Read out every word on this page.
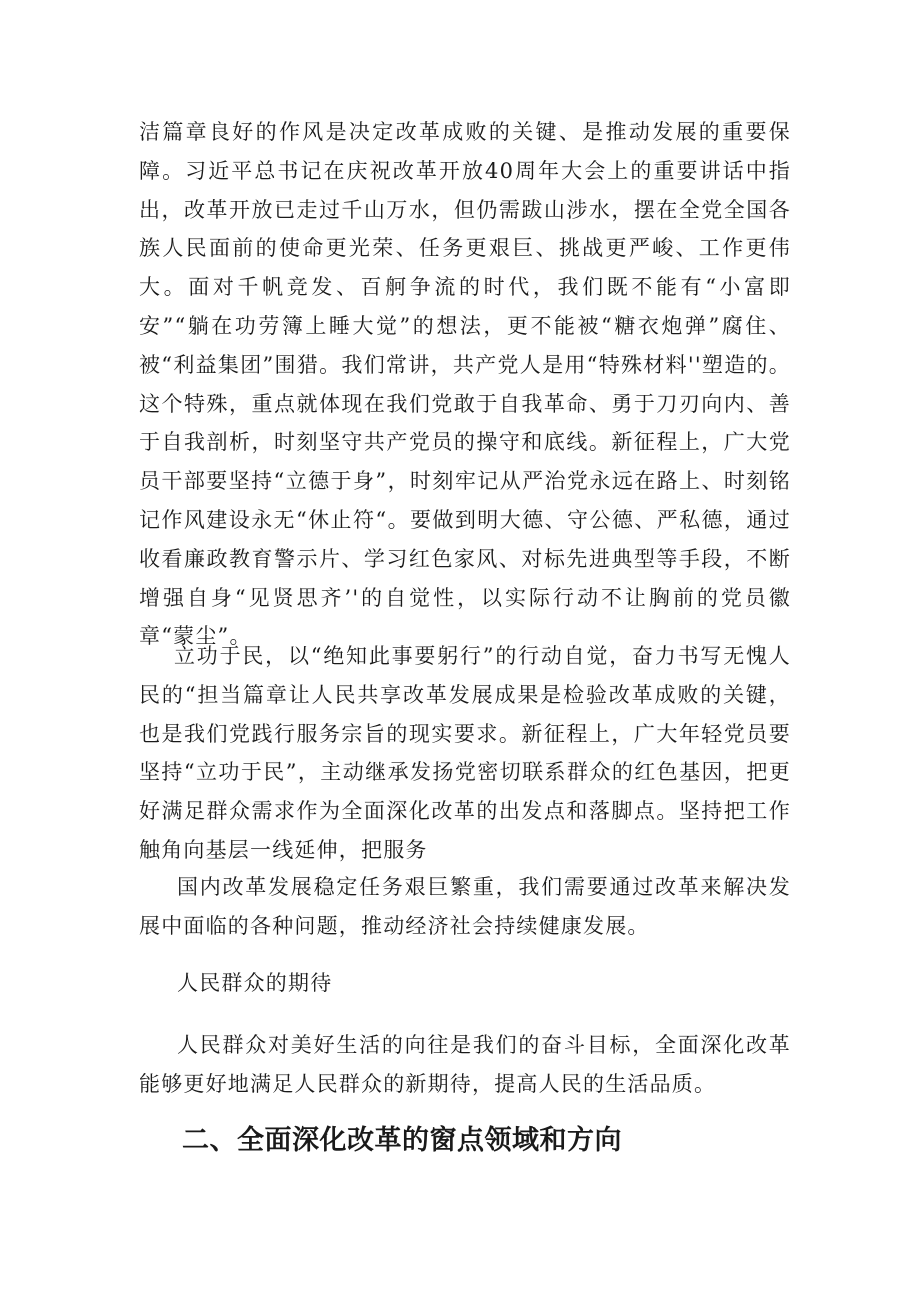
洁篇章良好的作风是决定改革成败的关键、是推动发展的重要保障。习近平总书记在庆祝改革开放40周年大会上的重要讲话中指出，改革开放已走过千山万水，但仍需跋山涉水，摆在全党全国各族人民面前的使命更光荣、任务更艰巨、挑战更严峻、工作更伟大。面对千帆竞发、百舸争流的时代，我们既不能有“小富即安”“躺在功劳簿上睡大觉”的想法，更不能被“糖衣炮弹”腐住、被“利益集团”围猎。我们常讲，共产党人是用“特殊材料''塑造的。这个特殊，重点就体现在我们党敢于自我革命、勇于刀刃向内、善于自我剖析，时刻坚守共产党员的操守和底线。新征程上，广大党员干部要坚持“立德于身”，时刻牢记从严治党永远在路上、时刻铭记作风建设永无“休止符“。要做到明大德、守公德、严私德，通过收看廉政教育警示片、学习红色家风、对标先进典型等手段，不断增强自身“见贤思齐’'的自觉性，以实际行动不让胸前的党员徽章“蒙尘”。

立功于民，以“绝知此事要躬行”的行动自觉，奋力书写无愧人民的“担当篇章让人民共享改革发展成果是检验改革成败的关键，也是我们党践行服务宗旨的现实要求。新征程上，广大年轻党员要坚持“立功于民”，主动继承发扬党密切联系群众的红色基因，把更好满足群众需求作为全面深化改革的出发点和落脚点。坚持把工作触角向基层一线延伸，把服务

国内改革发展稳定任务艰巨繁重，我们需要通过改革来解决发展中面临的各种问题，推动经济社会持续健康发展。

人民群众的期待

人民群众对美好生活的向往是我们的奋斗目标，全面深化改革能够更好地满足人民群众的新期待，提高人民的生活品质。

二、全面深化改革的窗点领域和方向
